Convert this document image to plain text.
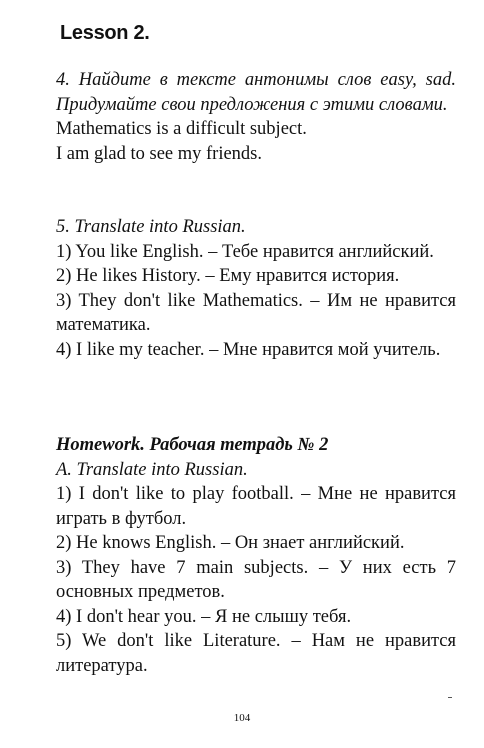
Lesson 2.

4. Найдите в тексте антонимы слов easy, sad. Придумайте свои предложения с этими словами.

Mathematics is a difficult subject.

I am glad to see my friends.

5. Translate into Russian.

1) You like English. – Тебе нравится английский.

2) He likes History. – Ему нравится история.

3) They don't like Mathematics. – Им не нравится математика.

4) I like my teacher. – Мне нравится мой учитель.

Homework. Рабочая тетрадь № 2

A. Translate into Russian.

1) I don't like to play football. – Мне не нравится играть в футбол.

2) He knows English. – Он знает английский.

3) They have 7 main subjects. – У них есть 7 основных предметов.

4) I don't hear you. – Я не слышу тебя.

5) We don't like Literature. – Нам не нравится литература.

104
